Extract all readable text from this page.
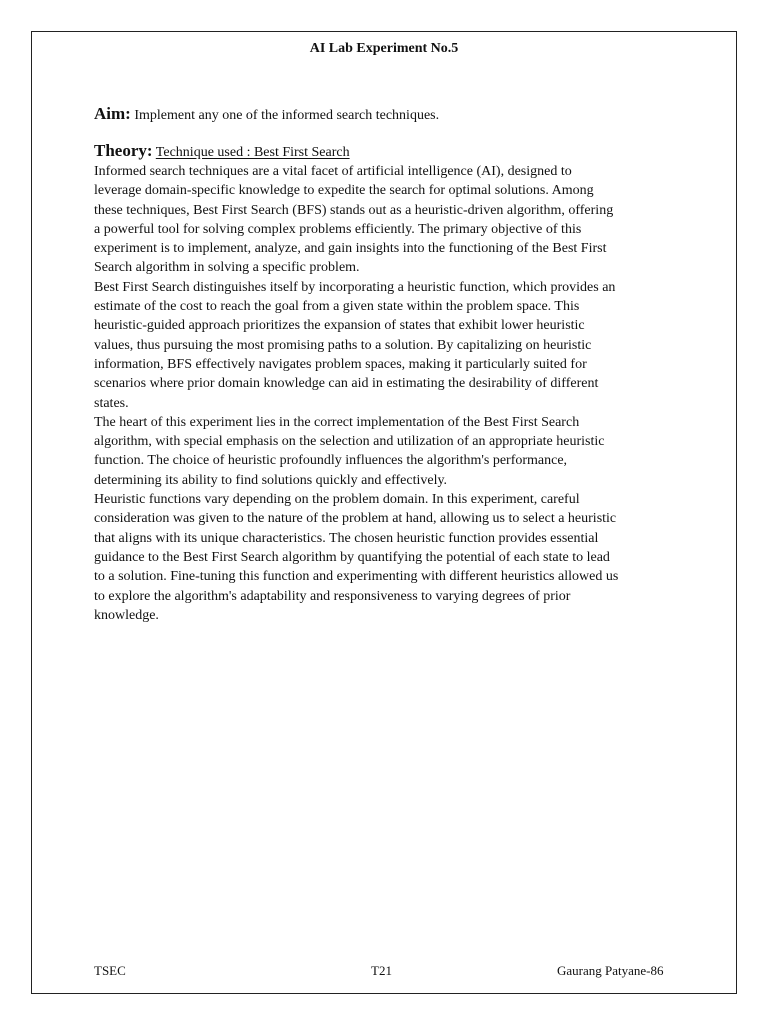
AI Lab Experiment No.5
Aim: Implement any one of the informed search techniques.
Theory: Technique used : Best First Search
Informed search techniques are a vital facet of artificial intelligence (AI), designed to
leverage domain-specific knowledge to expedite the search for optimal solutions. Among
these techniques, Best First Search (BFS) stands out as a heuristic-driven algorithm, offering
a powerful tool for solving complex problems efficiently. The primary objective of this
experiment is to implement, analyze, and gain insights into the functioning of the Best First
Search algorithm in solving a specific problem.
Best First Search distinguishes itself by incorporating a heuristic function, which provides an
estimate of the cost to reach the goal from a given state within the problem space. This
heuristic-guided approach prioritizes the expansion of states that exhibit lower heuristic
values, thus pursuing the most promising paths to a solution. By capitalizing on heuristic
information, BFS effectively navigates problem spaces, making it particularly suited for
scenarios where prior domain knowledge can aid in estimating the desirability of different
states.
The heart of this experiment lies in the correct implementation of the Best First Search
algorithm, with special emphasis on the selection and utilization of an appropriate heuristic
function. The choice of heuristic profoundly influences the algorithm's performance,
determining its ability to find solutions quickly and effectively.
Heuristic functions vary depending on the problem domain. In this experiment, careful
consideration was given to the nature of the problem at hand, allowing us to select a heuristic
that aligns with its unique characteristics. The chosen heuristic function provides essential
guidance to the Best First Search algorithm by quantifying the potential of each state to lead
to a solution. Fine-tuning this function and experimenting with different heuristics allowed us
to explore the algorithm's adaptability and responsiveness to varying degrees of prior
knowledge.
TSEC	T21	Gaurang Patyane-86
